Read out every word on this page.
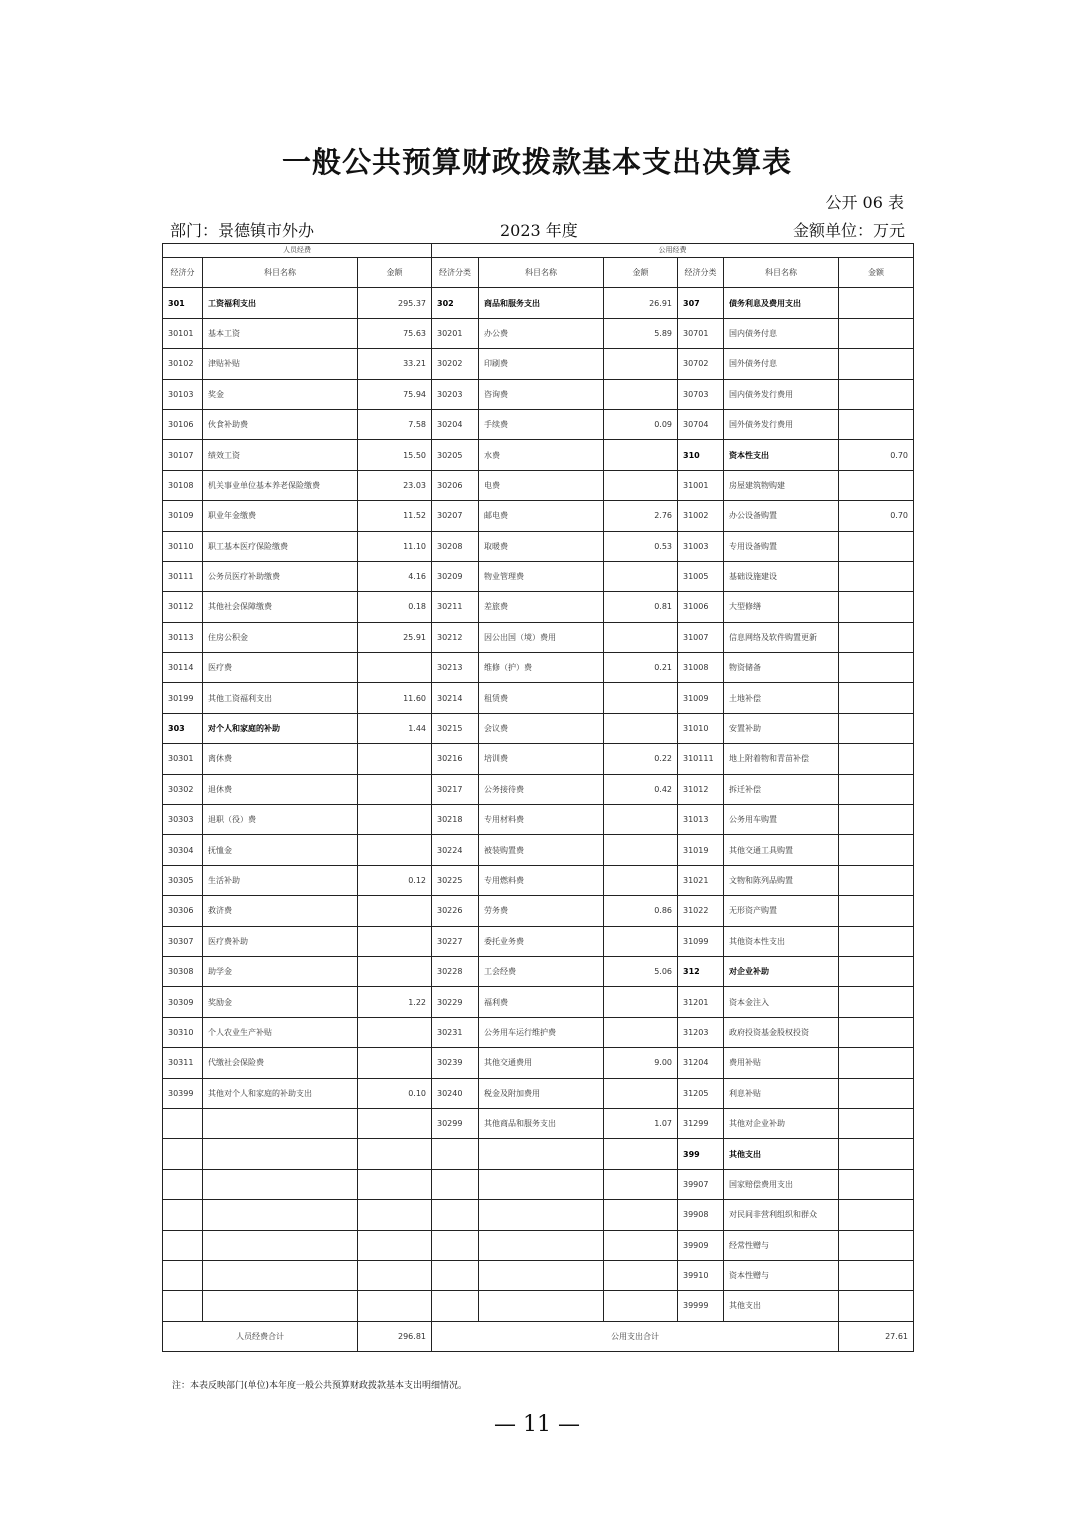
一般公共预算财政拨款基本支出决算表
公开 06 表
部门：景德镇市外办	2023 年度	金额单位：万元
人员经费			公用经费					
经济分	科目名称	金额	经济分类	科目名称	金额	经济分类	科目名称	金额
301	工资福利支出	295.37	302	商品和服务支出	26.91	307	债务利息及费用支出	
30101	基本工资	75.63	30201	办公费	5.89	30701	国内债务付息	
30102	津贴补贴	33.21	30202	印刷费		30702	国外债务付息	
30103	奖金	75.94	30203	咨询费		30703	国内债务发行费用	
30106	伙食补助费	7.58	30204	手续费	0.09	30704	国外债务发行费用	
30107	绩效工资	15.50	30205	水费		310	资本性支出	0.70
30108	机关事业单位基本养老保险缴费	23.03	30206	电费		31001	房屋建筑物购建	
30109	职业年金缴费	11.52	30207	邮电费	2.76	31002	办公设备购置	0.70
30110	职工基本医疗保险缴费	11.10	30208	取暖费	0.53	31003	专用设备购置	
30111	公务员医疗补助缴费	4.16	30209	物业管理费		31005	基础设施建设	
30112	其他社会保障缴费	0.18	30211	差旅费	0.81	31006	大型修缮	
30113	住房公积金	25.91	30212	因公出国（境）费用		31007	信息网络及软件购置更新	
30114	医疗费		30213	维修（护）费	0.21	31008	物资储备	
30199	其他工资福利支出	11.60	30214	租赁费		31009	土地补偿	
303	对个人和家庭的补助	1.44	30215	会议费		31010	安置补助	
30301	离休费		30216	培训费	0.22	310111	地上附着物和青苗补偿	
30302	退休费		30217	公务接待费	0.42	31012	拆迁补偿	
30303	退职（役）费		30218	专用材料费		31013	公务用车购置	
30304	抚恤金		30224	被装购置费		31019	其他交通工具购置	
30305	生活补助	0.12	30225	专用燃料费		31021	文物和陈列品购置	
30306	救济费		30226	劳务费	0.86	31022	无形资产购置	
30307	医疗费补助		30227	委托业务费		31099	其他资本性支出	
30308	助学金		30228	工会经费	5.06	312	对企业补助	
30309	奖励金	1.22	30229	福利费		31201	资本金注入	
30310	个人农业生产补贴		30231	公务用车运行维护费		31203	政府投资基金股权投资	
30311	代缴社会保险费		30239	其他交通费用	9.00	31204	费用补贴	
30399	其他对个人和家庭的补助支出	0.10	30240	税金及附加费用		31205	利息补贴	
			30299	其他商品和服务支出	1.07	31299	其他对企业补助	
						399	其他支出	
						39907	国家赔偿费用支出	
						39908	对民间非营利组织和群众	
						39909	经常性赠与	
						39910	资本性赠与	
						39999	其他支出	
人员经费合计		296.81	公用支出合计					27.61
注：本表反映部门(单位)本年度一般公共预算财政拨款基本支出明细情况。
— 11 —
